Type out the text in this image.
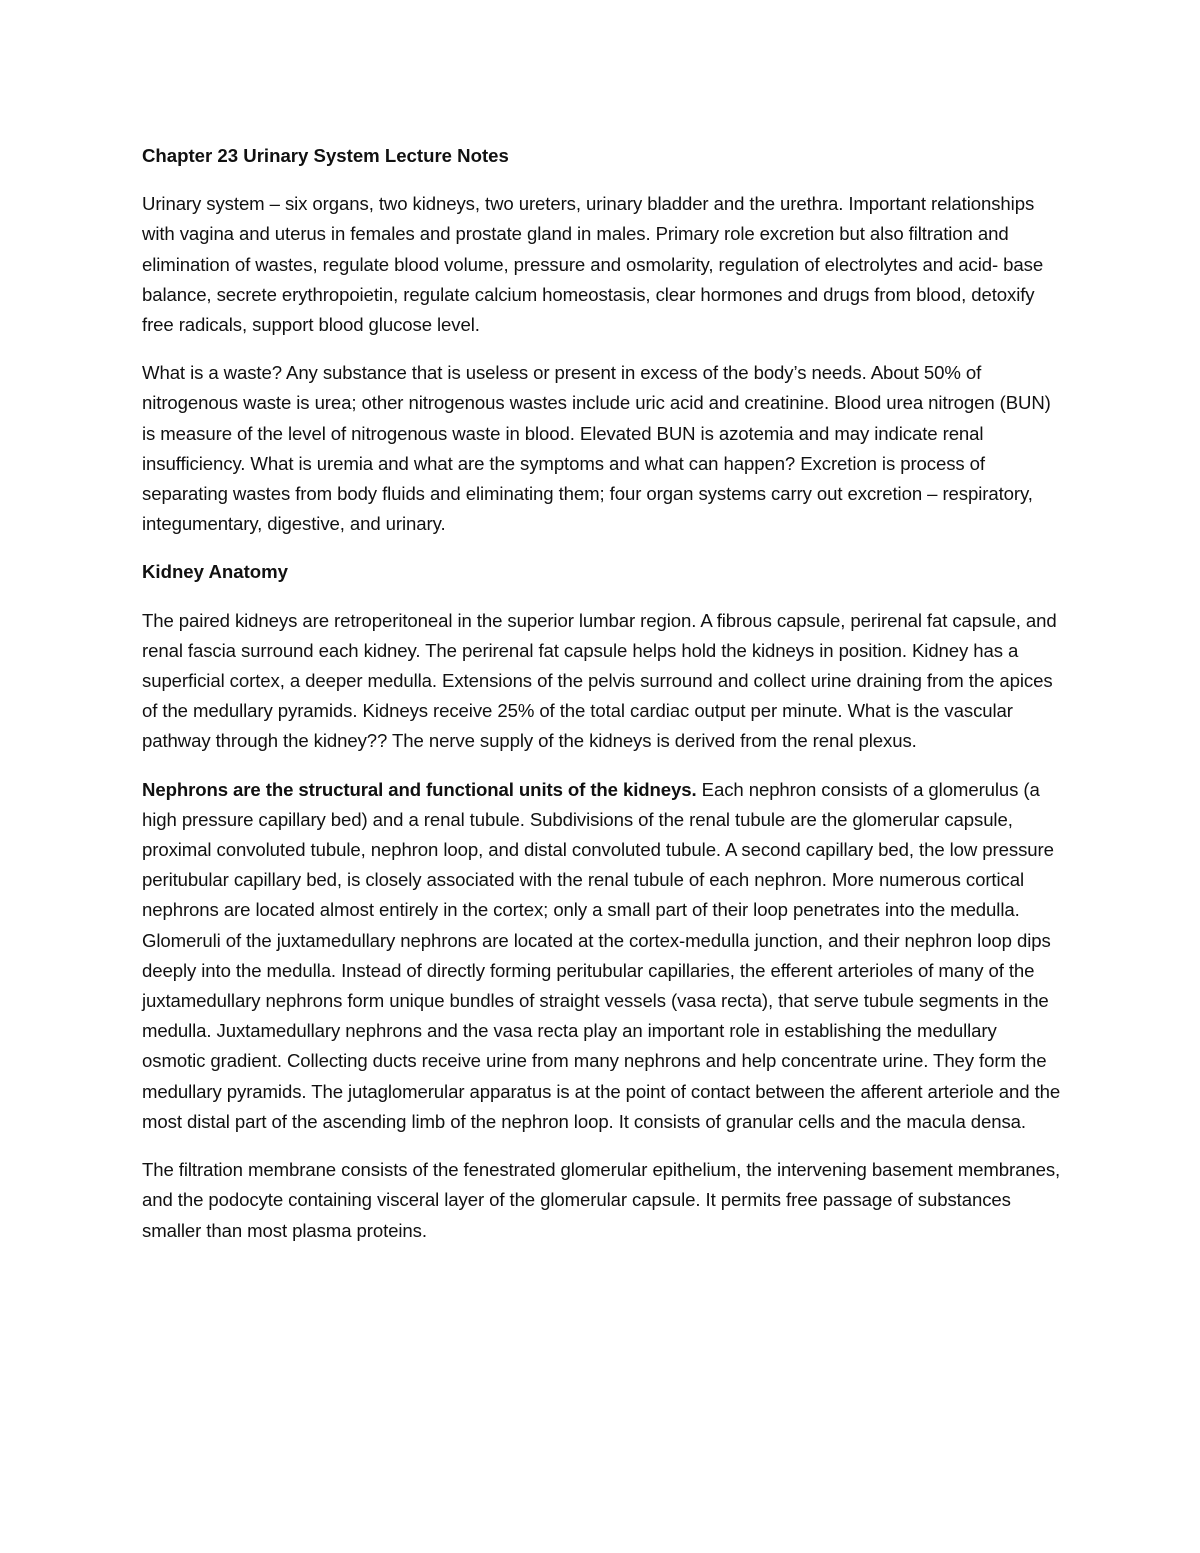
Chapter 23 Urinary System Lecture Notes

Urinary system – six organs, two kidneys, two ureters, urinary bladder and the urethra. Important relationships with vagina and uterus in females and prostate gland in males. Primary role excretion but also filtration and elimination of wastes, regulate blood volume, pressure and osmolarity, regulation of electrolytes and acid- base balance, secrete erythropoietin, regulate calcium homeostasis, clear hormones and drugs from blood, detoxify free radicals, support blood glucose level.

What is a waste? Any substance that is useless or present in excess of the body’s needs. About 50% of nitrogenous waste is urea; other nitrogenous wastes include uric acid and creatinine. Blood urea nitrogen (BUN) is measure of the level of nitrogenous waste in blood. Elevated BUN is azotemia and may indicate renal insufficiency. What is uremia and what are the symptoms and what can happen? Excretion is process of separating wastes from body fluids and eliminating them; four organ systems carry out excretion – respiratory, integumentary, digestive, and urinary.

Kidney Anatomy

The paired kidneys are retroperitoneal in the superior lumbar region. A fibrous capsule, perirenal fat capsule, and renal fascia surround each kidney. The perirenal fat capsule helps hold the kidneys in position. Kidney has a superficial cortex, a deeper medulla. Extensions of the pelvis surround and collect urine draining from the apices of the medullary pyramids. Kidneys receive 25% of the total cardiac output per minute. What is the vascular pathway through the kidney?? The nerve supply of the kidneys is derived from the renal plexus.

Nephrons are the structural and functional units of the kidneys. Each nephron consists of a glomerulus (a high pressure capillary bed) and a renal tubule. Subdivisions of the renal tubule are the glomerular capsule, proximal convoluted tubule, nephron loop, and distal convoluted tubule. A second capillary bed, the low pressure peritubular capillary bed, is closely associated with the renal tubule of each nephron. More numerous cortical nephrons are located almost entirely in the cortex; only a small part of their loop penetrates into the medulla. Glomeruli of the juxtamedullary nephrons are located at the cortex-medulla junction, and their nephron loop dips deeply into the medulla. Instead of directly forming peritubular capillaries, the efferent arterioles of many of the juxtamedullary nephrons form unique bundles of straight vessels (vasa recta), that serve tubule segments in the medulla. Juxtamedullary nephrons and the vasa recta play an important role in establishing the medullary osmotic gradient. Collecting ducts receive urine from many nephrons and help concentrate urine. They form the medullary pyramids. The jutaglomerular apparatus is at the point of contact between the afferent arteriole and the most distal part of the ascending limb of the nephron loop. It consists of granular cells and the macula densa.

The filtration membrane consists of the fenestrated glomerular epithelium, the intervening basement membranes, and the podocyte containing visceral layer of the glomerular capsule. It permits free passage of substances smaller than most plasma proteins.
